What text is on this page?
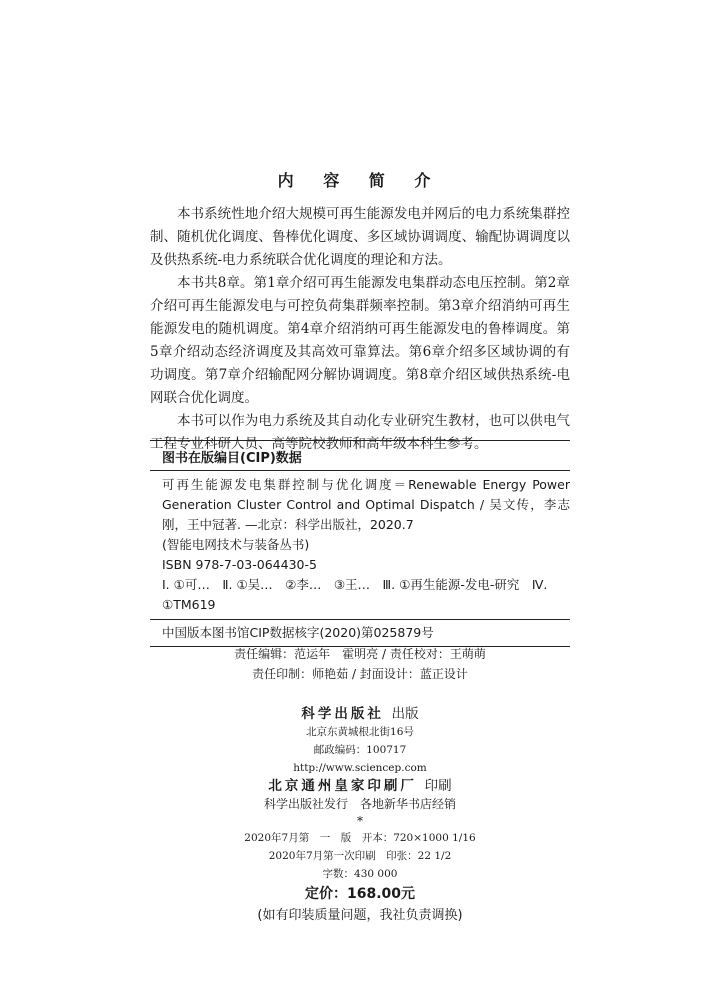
内 容 简 介

本书系统性地介绍大规模可再生能源发电并网后的电力系统集群控制、随机优化调度、鲁棒优化调度、多区域协调调度、输配协调调度以及供热系统-电力系统联合优化调度的理论和方法。

本书共8章。第1章介绍可再生能源发电集群动态电压控制。第2章介绍可再生能源发电与可控负荷集群频率控制。第3章介绍消纳可再生能源发电的随机调度。第4章介绍消纳可再生能源发电的鲁棒调度。第5章介绍动态经济调度及其高效可靠算法。第6章介绍多区域协调的有功调度。第7章介绍输配网分解协调调度。第8章介绍区域供热系统-电网联合优化调度。

本书可以作为电力系统及其自动化专业研究生教材，也可以供电气工程专业科研人员、高等院校教师和高年级本科生参考。

图书在版编目(CIP)数据
可再生能源发电集群控制与优化调度＝Renewable Energy Power Generation Cluster Control and Optimal Dispatch / 吴文传，李志刚，王中冠著. —北京：科学出版社，2020.7
(智能电网技术与装备丛书)
ISBN 978-7-03-064430-5
Ⅰ. ①可…　Ⅱ. ①吴…　②李…　③王…　Ⅲ. ①再生能源-发电-研究　Ⅳ. ①TM619
中国版本图书馆CIP数据核字(2020)第025879号
责任编辑：范运年　霍明亮 / 责任校对：王萌萌
责任印制：师艳茹 / 封面设计：蓝正设计
科学出版社 出版
北京东黄城根北街16号
邮政编码：100717
http://www.sciencep.com
北京通州皇家印刷厂 印刷
科学出版社发行　各地新华书店经销
*
2020年7月第　一　版　开本：720×1000 1/16
2020年7月第一次印刷　印张：22 1/2
字数：430 000
定价：168.00元
(如有印装质量问题，我社负责调换)
